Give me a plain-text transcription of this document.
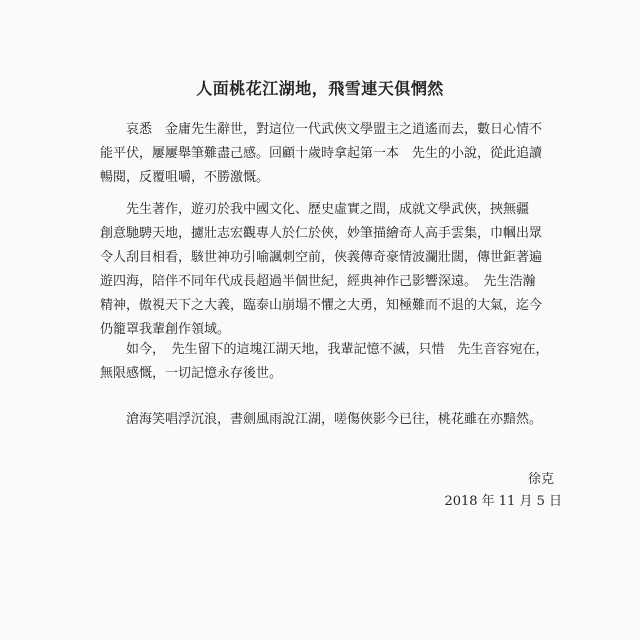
人面桃花江湖地，飛雪連天俱惘然
　　哀悉　金庸先生辭世，對這位一代武俠文學盟主之逍遙而去，數日心情不
能平伏，屢屢舉筆難盡己感。回顧十歲時拿起第一本　先生的小說，從此追讀
暢閱，反覆咀嚼，不勝激慨。
　　先生著作，遊刃於我中國文化、歷史虛實之間，成就文學武俠，挾無疆
創意馳騁天地，攄壯志宏觀專人於仁於俠，妙筆描繪奇人高手雲集，巾幗出眾
令人刮目相看，駭世神功引喻諷刺空前，俠義傳奇豪情波瀾壯闊，傳世鉅著遍
遊四海，陪伴不同年代成長超過半個世紀，經典神作己影響深遠。　先生浩瀚
精神，傲視天下之大義，臨泰山崩塌不懼之大勇，知極難而不退的大氣，迄今
仍籠罩我輩創作領域。
　　如今，　先生留下的這塊江湖天地，我輩記憶不滅，只惜　先生音容宛在，
無限感慨，一切記憶永存後世。
　　滄海笑唱浮沉浪，書劍風雨說江湖，嗟傷俠影今已往，桃花雖在亦黯然。
徐克
2018 年 11 月 5 日
